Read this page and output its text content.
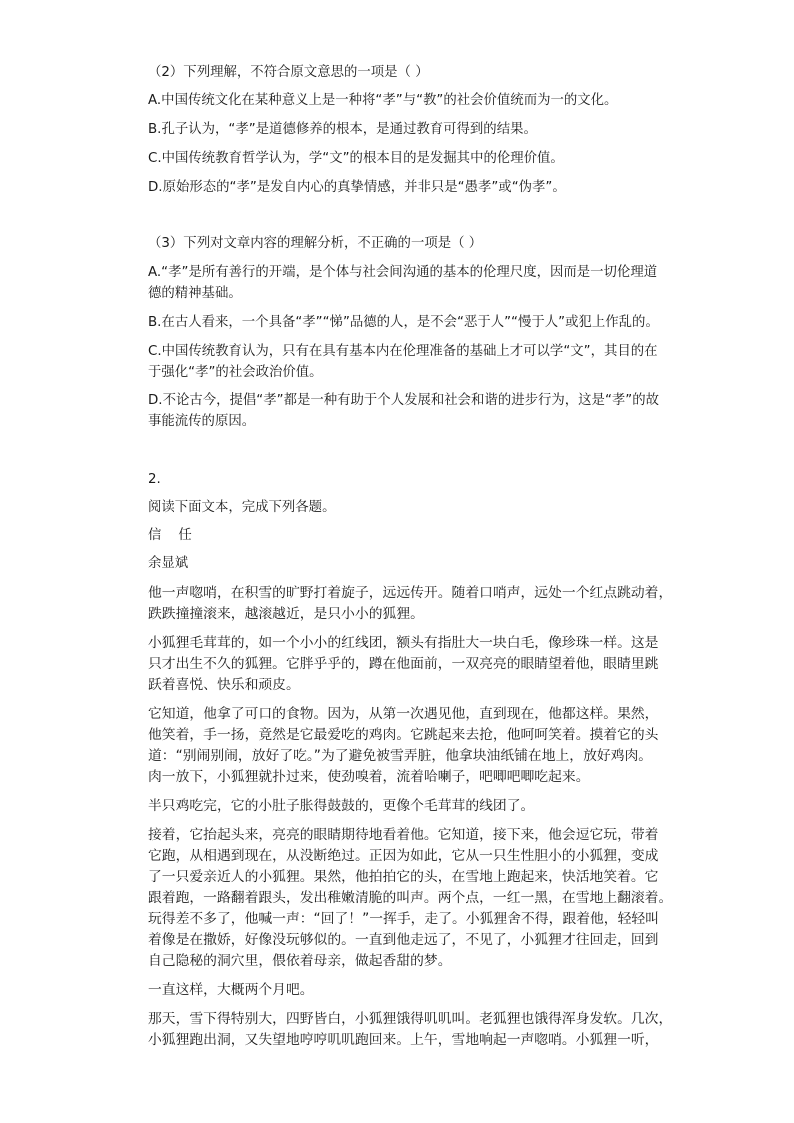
（2）下列理解，不符合原文意思的一项是（ ）
A.中国传统文化在某种意义上是一种将“孝”与“教”的社会价值统而为一的文化。
B.孔子认为，“孝”是道德修养的根本，是通过教育可得到的结果。
C.中国传统教育哲学认为，学“文”的根本目的是发掘其中的伦理价值。
D.原始形态的“孝”是发自内心的真挚情感，并非只是“愚孝”或“伪孝”。
（3）下列对文章内容的理解分析，不正确的一项是（ ）
A.“孝”是所有善行的开端，是个体与社会间沟通的基本的伦理尺度，因而是一切伦理道
德的精神基础。
B.在古人看来，一个具备“孝”“悌”品德的人，是不会“恶于人”“慢于人”或犯上作乱的。
C.中国传统教育认为，只有在具有基本内在伦理准备的基础上才可以学“文”，其目的在
于强化“孝”的社会政治价值。
D.不论古今，提倡“孝”都是一种有助于个人发展和社会和谐的进步行为，这是“孝”的故
事能流传的原因。
2.
阅读下面文本，完成下列各题。
信    任
余显斌
他一声唿哨，在积雪的旷野打着旋子，远远传开。随着口哨声，远处一个红点跳动着，
跌跌撞撞滚来，越滚越近，是只小小的狐狸。
小狐狸毛茸茸的，如一个小小的红线团，额头有指肚大一块白毛，像珍珠一样。这是
只才出生不久的狐狸。它胖乎乎的，蹲在他面前，一双亮亮的眼睛望着他，眼睛里跳
跃着喜悦、快乐和顽皮。
它知道，他拿了可口的食物。因为，从第一次遇见他，直到现在，他都这样。果然，
他笑着，手一扬，竟然是它最爱吃的鸡肉。它跳起来去抢，他呵呵笑着。摸着它的头
道：“别闹别闹，放好了吃。”为了避免被雪弄脏，他拿块油纸铺在地上，放好鸡肉。
肉一放下，小狐狸就扑过来，使劲嗅着，流着哈喇子，吧唧吧唧吃起来。
半只鸡吃完，它的小肚子胀得鼓鼓的，更像个毛茸茸的线团了。
接着，它抬起头来，亮亮的眼睛期待地看着他。它知道，接下来，他会逗它玩，带着
它跑，从相遇到现在，从没断绝过。正因为如此，它从一只生性胆小的小狐狸，变成
了一只爱亲近人的小狐狸。果然，他拍拍它的头，在雪地上跑起来，快活地笑着。它
跟着跑，一路翻着跟头，发出稚嫩清脆的叫声。两个点，一红一黑，在雪地上翻滚着。
玩得差不多了，他喊一声：“回了！”一挥手，走了。小狐狸舍不得，跟着他，轻轻叫
着像是在撒娇，好像没玩够似的。一直到他走远了，不见了，小狐狸才往回走，回到
自己隐秘的洞穴里，偎依着母亲，做起香甜的梦。
一直这样，大概两个月吧。
那天，雪下得特别大，四野皆白，小狐狸饿得叽叽叫。老狐狸也饿得浑身发软。几次，
小狐狸跑出洞，又失望地哼哼叽叽跑回来。上午，雪地响起一声唿哨。小狐狸一听，
